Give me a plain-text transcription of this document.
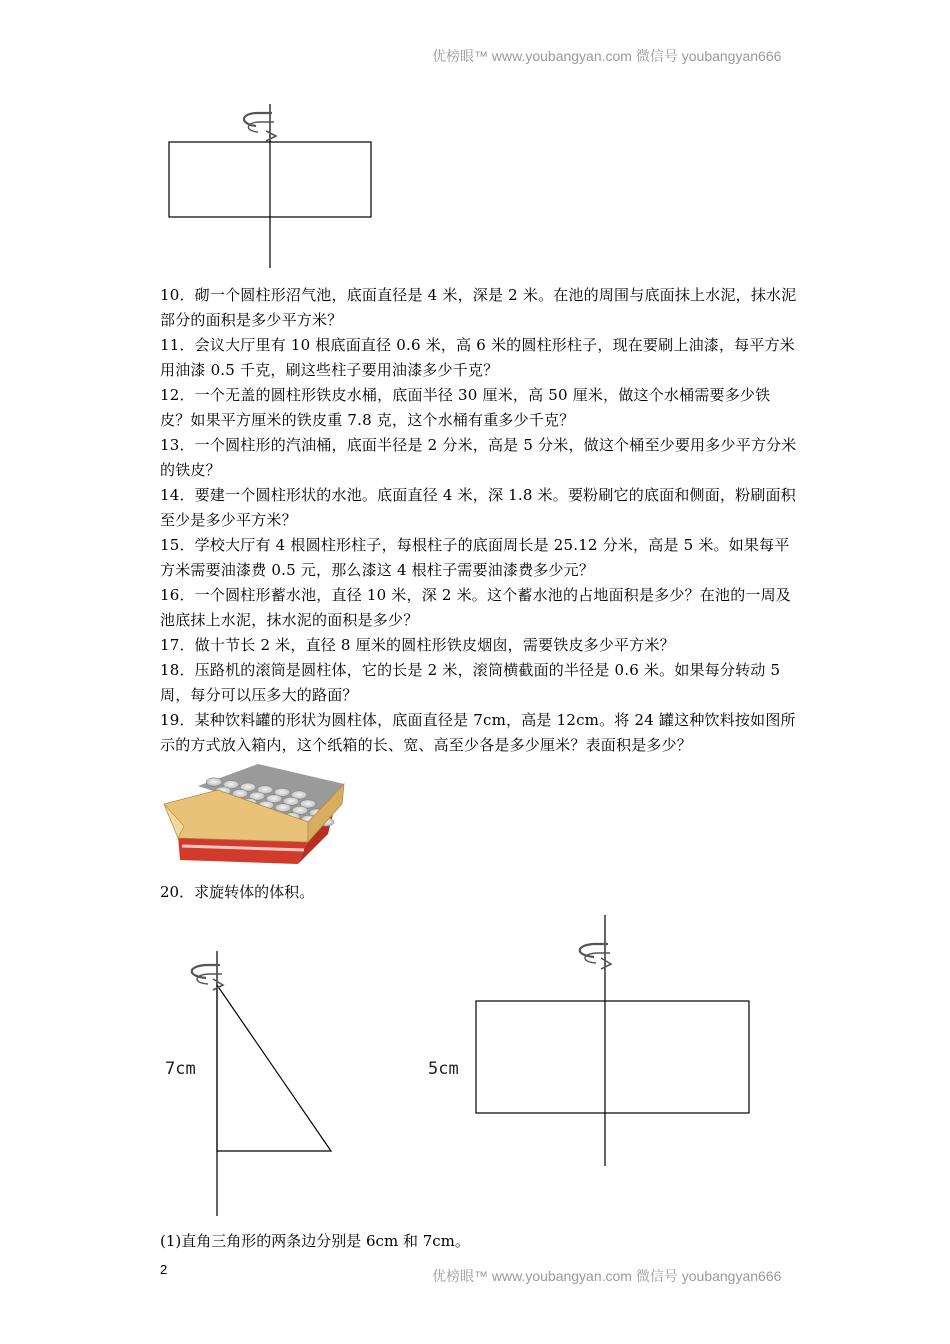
优榜眼™ www.youbangyan.com 微信号 youbangyan666

10．砌一个圆柱形沼气池，底面直径是 4 米，深是 2 米。在池的周围与底面抹上水泥，抹水泥部分的面积是多少平方米？

11．会议大厅里有 10 根底面直径 0.6 米，高 6 米的圆柱形柱子，现在要刷上油漆，每平方米用油漆 0.5 千克，刷这些柱子要用油漆多少千克？

12．一个无盖的圆柱形铁皮水桶，底面半径 30 厘米，高 50 厘米，做这个水桶需要多少铁皮？如果平方厘米的铁皮重 7.8 克，这个水桶有重多少千克？

13．一个圆柱形的汽油桶，底面半径是 2 分米，高是 5 分米，做这个桶至少要用多少平方分米的铁皮？

14．要建一个圆柱形状的水池。底面直径 4 米，深 1.8 米。要粉刷它的底面和侧面，粉刷面积至少是多少平方米？

15．学校大厅有 4 根圆柱形柱子，每根柱子的底面周长是 25.12 分米，高是 5 米。如果每平方米需要油漆费 0.5 元，那么漆这 4 根柱子需要油漆费多少元？

16．一个圆柱形蓄水池，直径 10 米，深 2 米。这个蓄水池的占地面积是多少？在池的一周及池底抹上水泥，抹水泥的面积是多少？

17．做十节长 2 米，直径 8 厘米的圆柱形铁皮烟囱，需要铁皮多少平方米？

18．压路机的滚筒是圆柱体，它的长是 2 米，滚筒横截面的半径是 0.6 米。如果每分转动 5 周，每分可以压多大的路面？

19．某种饮料罐的形状为圆柱体，底面直径是 7cm，高是 12cm。将 24 罐这种饮料按如图所示的方式放入箱内，这个纸箱的长、宽、高至少各是多少厘米？表面积是多少？

20．求旋转体的体积。

7cm	5cm

(1)直角三角形的两条边分别是 6cm 和 7cm。

2	优榜眼™ www.youbangyan.com 微信号 youbangyan666
